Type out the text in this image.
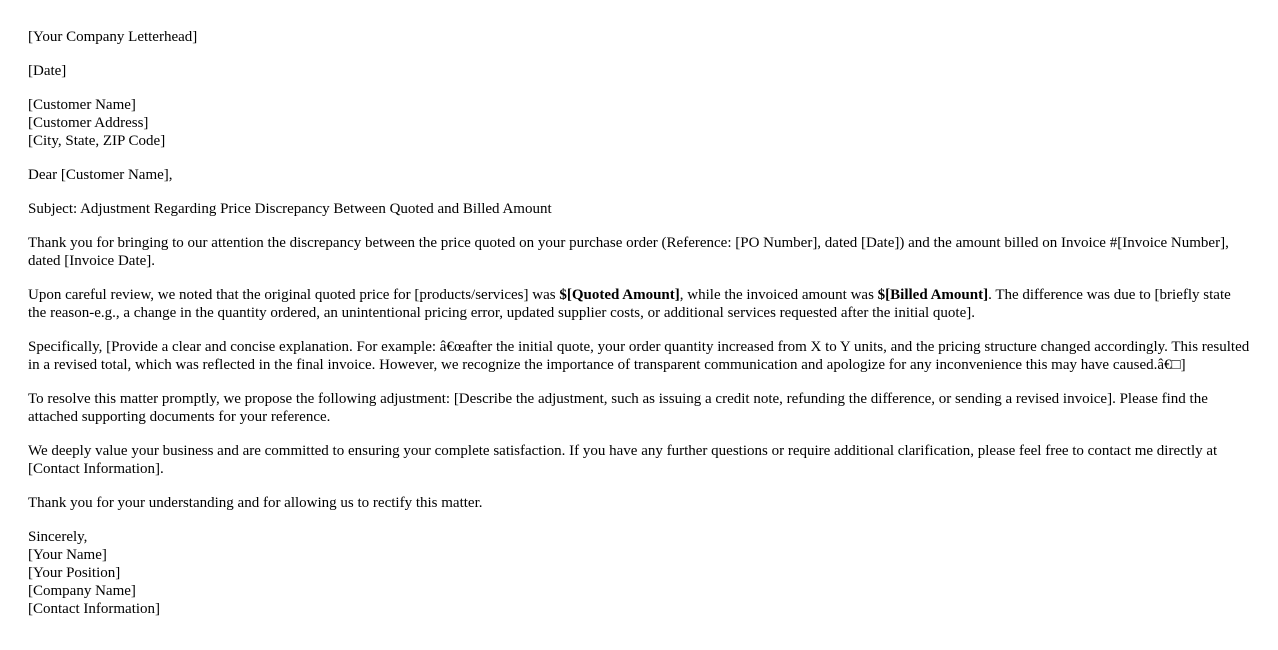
[Your Company Letterhead]

[Date]

[Customer Name]
[Customer Address]
[City, State, ZIP Code]

Dear [Customer Name],

Subject: Adjustment Regarding Price Discrepancy Between Quoted and Billed Amount

Thank you for bringing to our attention the discrepancy between the price quoted on your purchase order (Reference: [PO Number], dated [Date]) and the amount billed on Invoice #[Invoice Number], dated [Invoice Date].

Upon careful review, we noted that the original quoted price for [products/services] was $[Quoted Amount], while the invoiced amount was $[Billed Amount]. The difference was due to [briefly state the reason-e.g., a change in the quantity ordered, an unintentional pricing error, updated supplier costs, or additional services requested after the initial quote].

Specifically, [Provide a clear and concise explanation. For example: â€œafter the initial quote, your order quantity increased from X to Y units, and the pricing structure changed accordingly. This resulted in a revised total, which was reflected in the final invoice. However, we recognize the importance of transparent communication and apologize for any inconvenience this may have caused.â€□]

To resolve this matter promptly, we propose the following adjustment: [Describe the adjustment, such as issuing a credit note, refunding the difference, or sending a revised invoice]. Please find the attached supporting documents for your reference.

We deeply value your business and are committed to ensuring your complete satisfaction. If you have any further questions or require additional clarification, please feel free to contact me directly at [Contact Information].

Thank you for your understanding and for allowing us to rectify this matter.

Sincerely,
[Your Name]
[Your Position]
[Company Name]
[Contact Information]
